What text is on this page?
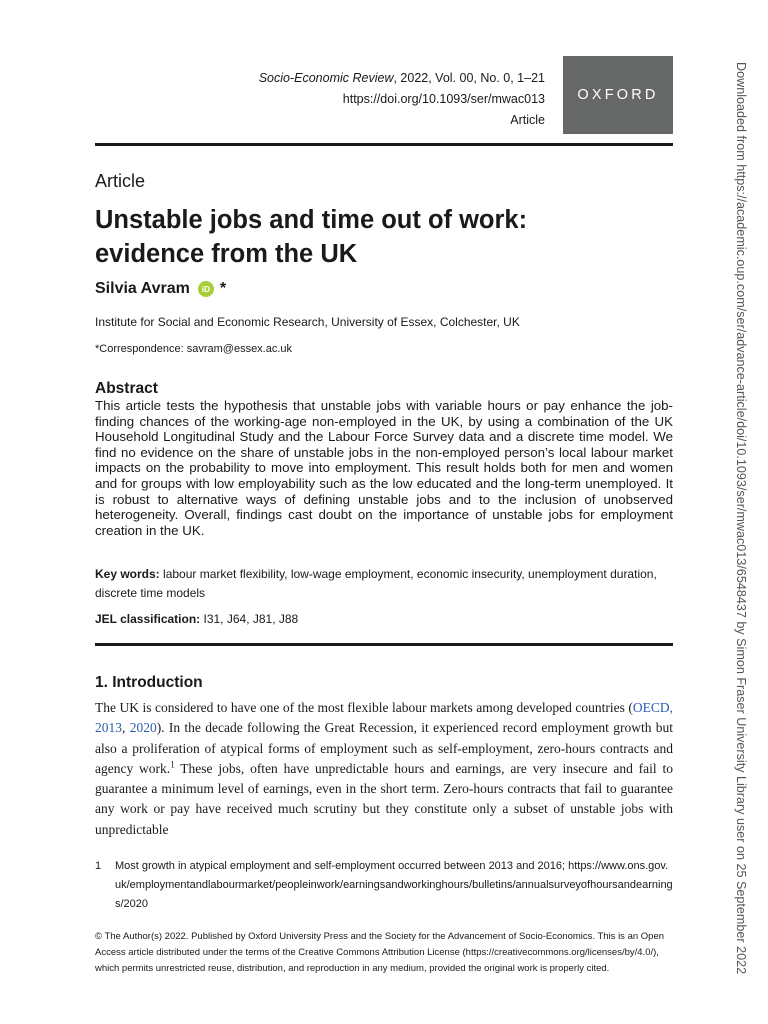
Socio-Economic Review, 2022, Vol. 00, No. 0, 1–21
https://doi.org/10.1093/ser/mwac013
Article
OXFORD
Article
Unstable jobs and time out of work:
evidence from the UK
Silvia Avram	iD *
Institute for Social and Economic Research, University of Essex, Colchester, UK
*Correspondence: savram@essex.ac.uk
Abstract

This article tests the hypothesis that unstable jobs with variable hours or pay enhance the job-finding chances of the working-age non-employed in the UK, by using a combination of the UK Household Longitudinal Study and the Labour Force Survey data and a discrete time model. We find no evidence on the share of unstable jobs in the non-employed person’s local labour market impacts on the probability to move into employment. This result holds both for men and women and for groups with low employability such as the low educated and the long-term unemployed. It is robust to alternative ways of defining unstable jobs and to the inclusion of unobserved heterogeneity. Overall, findings cast doubt on the importance of unstable jobs for employment creation in the UK.

Key words: labour market flexibility, low-wage employment, economic insecurity, unemployment duration, discrete time models

JEL classification: I31, J64, J81, J88

1. Introduction

The UK is considered to have one of the most flexible labour markets among developed countries (OECD, 2013, 2020). In the decade following the Great Recession, it experienced record employment growth but also a proliferation of atypical forms of employment such as self-employment, zero-hours contracts and agency work.$^1$ These jobs, often have unpredictable hours and earnings, are very insecure and fail to guarantee a minimum level of earnings, even in the short term. Zero-hours contracts that fail to guarantee any work or pay have received much scrutiny but they constitute only a subset of unstable jobs with unpredictable

1	Most growth in atypical employment and self-employment occurred between 2013 and 2016; https://www.ons.gov.uk/employmentandlabourmarket/peopleinwork/earningsandworkinghours/bulletins/annualsurveyofhoursandearnings/2020
© The Author(s) 2022. Published by Oxford University Press and the Society for the Advancement of Socio-Economics. This is an Open Access article distributed under the terms of the Creative Commons Attribution License (https://creativecommons.org/licenses/by/4.0/), which permits unrestricted reuse, distribution, and reproduction in any medium, provided the original work is properly cited.	Downloaded from https://academic.oup.com/ser/advance-article/doi/10.1093/ser/mwac013/6548437 by Simon Fraser University Library user on 25 September 2022
